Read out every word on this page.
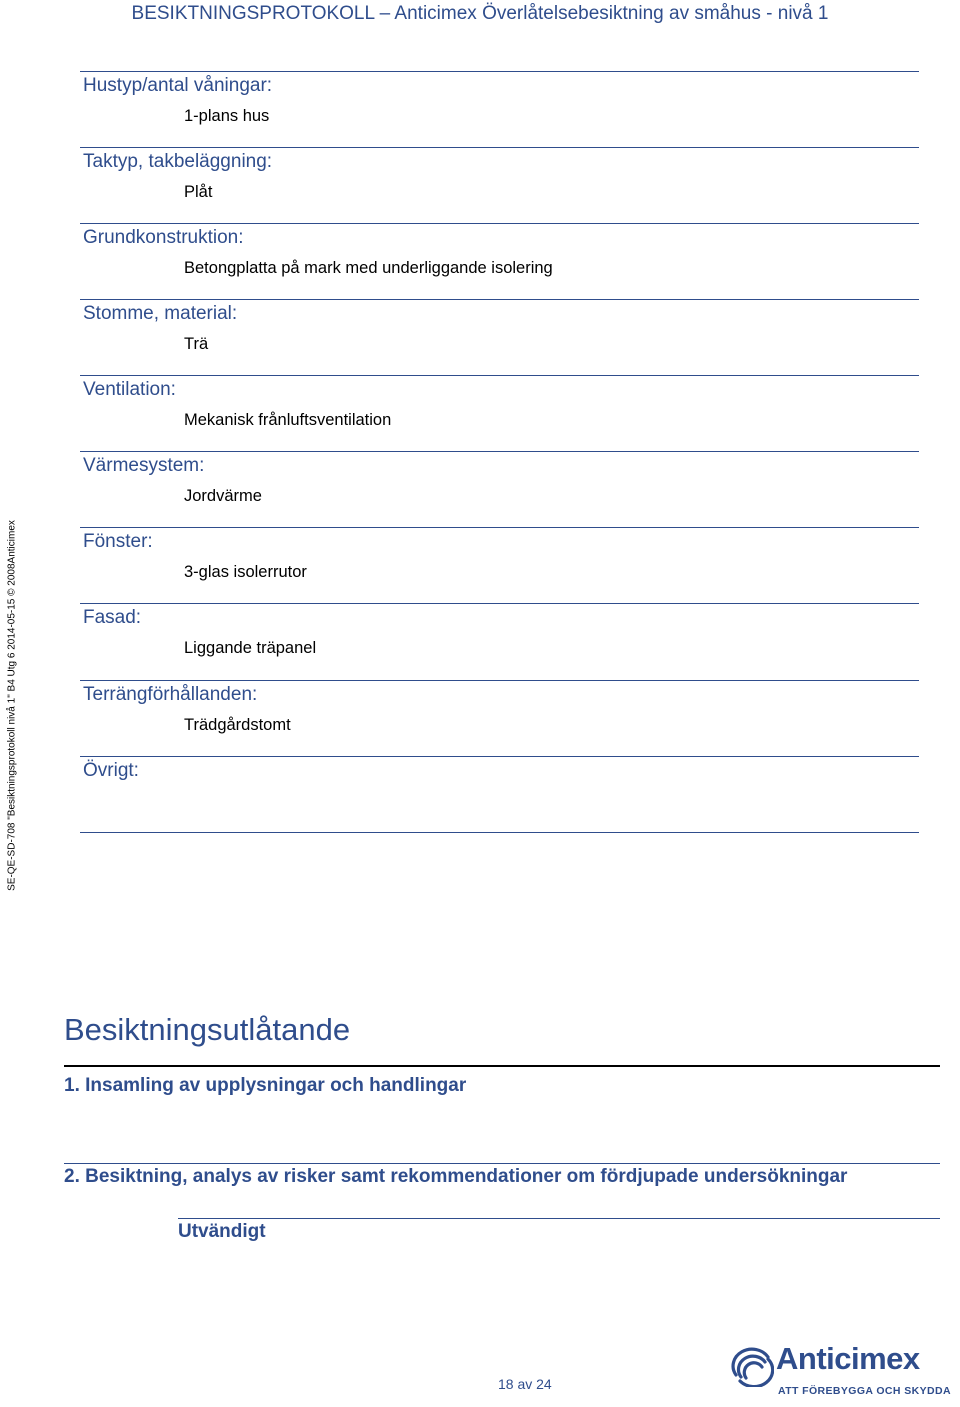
BESIKTNINGSPROTOKOLL – Anticimex Överlåtelsebesiktning av småhus - nivå 1
SE-QE-SD-708 "Besiktningsprotokoll nivå 1" B4 Utg 6 2014-05-15 © 2008Anticimex
Hustyp/antal våningar:
1-plans hus
Taktyp, takbeläggning:
Plåt
Grundkonstruktion:
Betongplatta på mark med underliggande isolering
Stomme, material:
Trä
Ventilation:
Mekanisk frånluftsventilation
Värmesystem:
Jordvärme
Fönster:
3-glas isolerrutor
Fasad:
Liggande träpanel
Terrängförhållanden:
Trädgårdstomt
Övrigt:
Besiktningsutlåtande
1. Insamling av upplysningar och handlingar
2. Besiktning, analys av risker samt rekommendationer om fördjupade undersökningar
Utvändigt
18 av 24
Anticimex
ATT FÖREBYGGA OCH SKYDDA
